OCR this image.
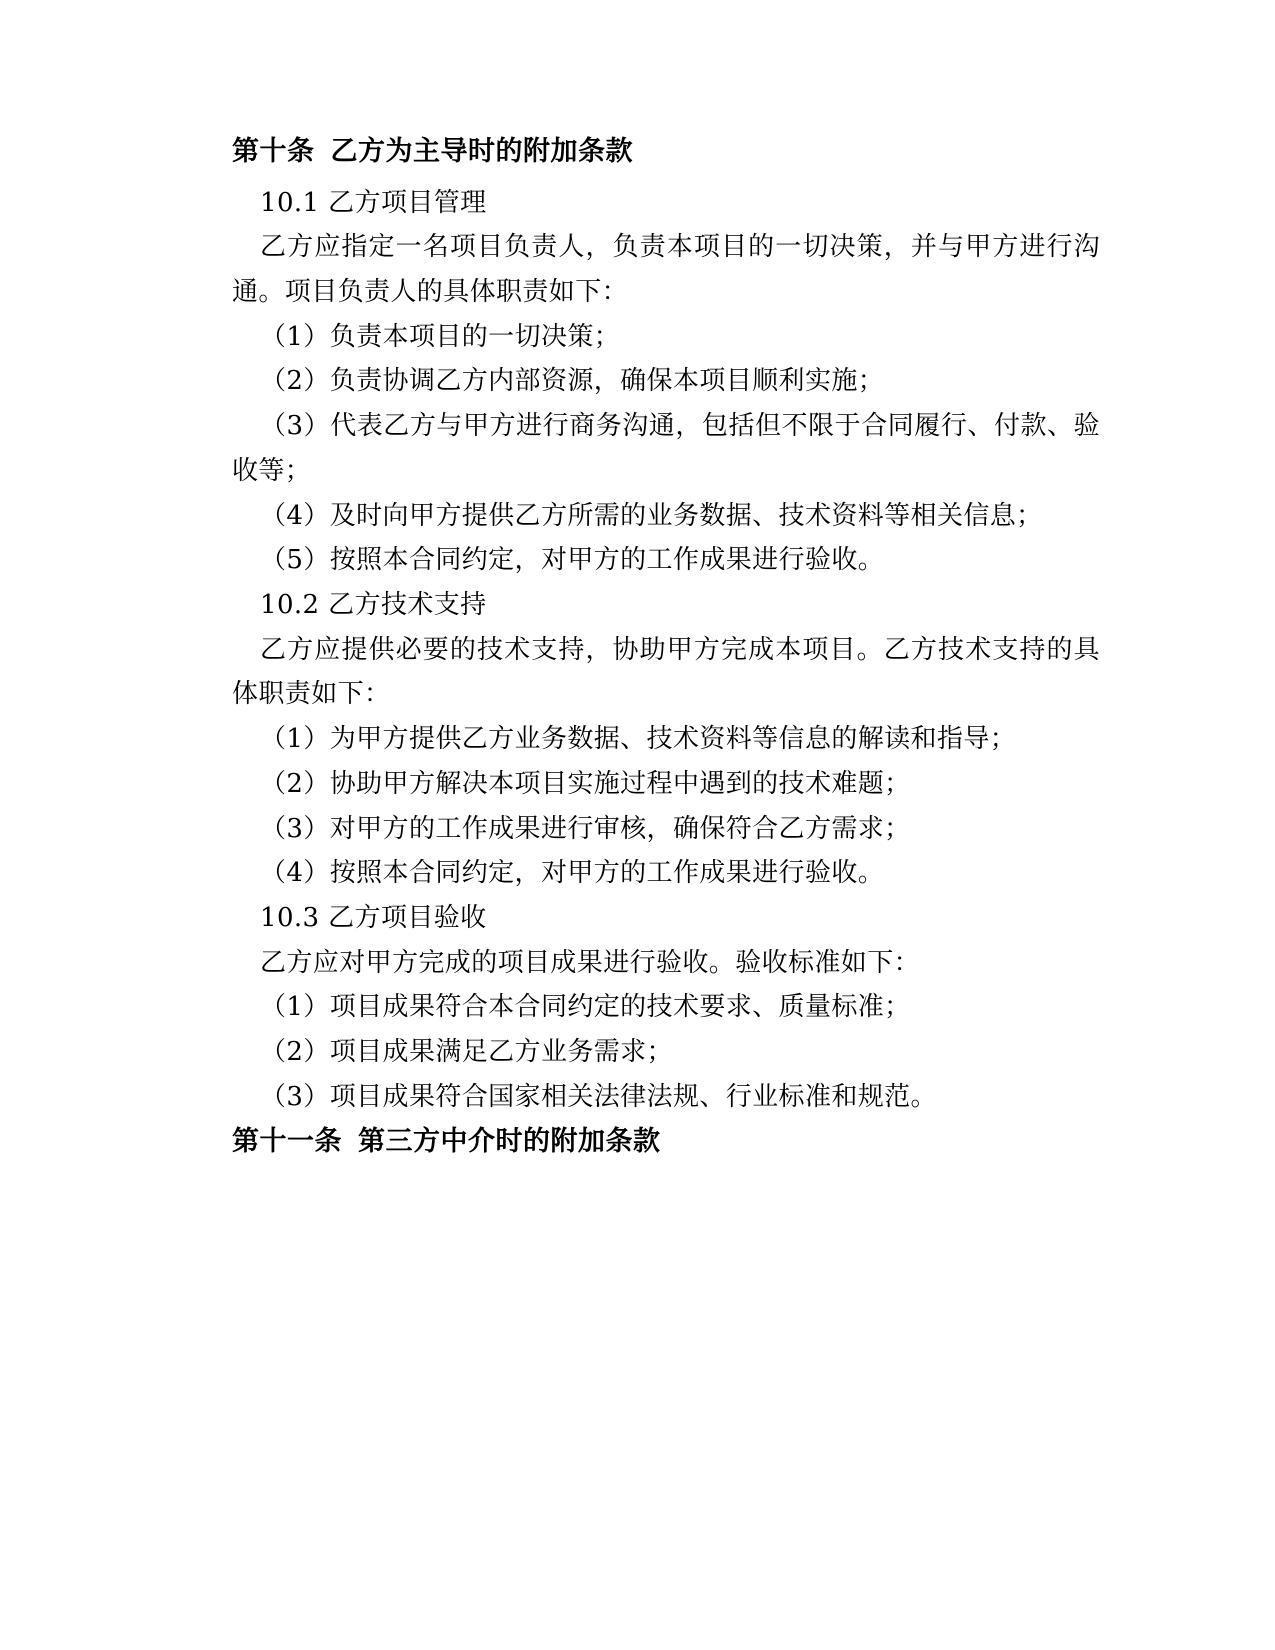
第十条 乙方为主导时的附加条款

10.1 乙方项目管理

乙方应指定一名项目负责人，负责本项目的一切决策，并与甲方进行沟通。项目负责人的具体职责如下：

（1）负责本项目的一切决策；

（2）负责协调乙方内部资源，确保本项目顺利实施；

（3）代表乙方与甲方进行商务沟通，包括但不限于合同履行、付款、验收等；

（4）及时向甲方提供乙方所需的业务数据、技术资料等相关信息；

（5）按照本合同约定，对甲方的工作成果进行验收。

10.2 乙方技术支持

乙方应提供必要的技术支持，协助甲方完成本项目。乙方技术支持的具体职责如下：

（1）为甲方提供乙方业务数据、技术资料等信息的解读和指导；

（2）协助甲方解决本项目实施过程中遇到的技术难题；

（3）对甲方的工作成果进行审核，确保符合乙方需求；

（4）按照本合同约定，对甲方的工作成果进行验收。

10.3 乙方项目验收

乙方应对甲方完成的项目成果进行验收。验收标准如下：

（1）项目成果符合本合同约定的技术要求、质量标准；

（2）项目成果满足乙方业务需求；

（3）项目成果符合国家相关法律法规、行业标准和规范。

第十一条 第三方中介时的附加条款
